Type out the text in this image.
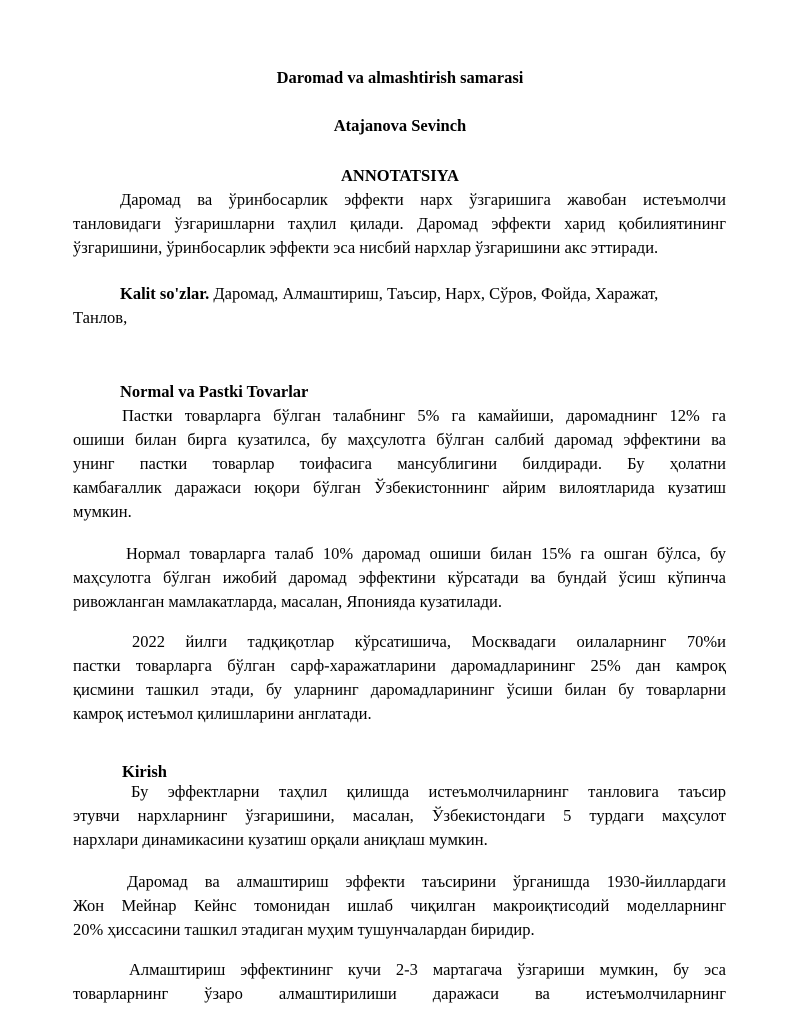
Daromad va almashtirish samarasi
Atajanova Sevinch
ANNOTATSIYA
Даромад ва ўринбосарлик эффекти нарх ўзгаришига жавобан истеъмолчи
танловидаги ўзгаришларни таҳлил қилади. Даромад эффекти харид қобилиятининг
ўзгаришини, ўринбосарлик эффекти эса нисбий нархлар ўзгаришини акс эттиради.
Kalit so'zlar. Даромад, Алмаштириш, Таъсир, Нарх, Сўров, Фойда, Харажат,
Танлов,
Normal va Pastki Tovarlar
Пастки товарларга бўлган талабнинг 5% га камайиши, даромаднинг 12% га
ошиши билан бирга кузатилса, бу маҳсулотга бўлган салбий даромад эффектини ва
унинг пастки товарлар тоифасига мансублигини билдиради. Бу ҳолатни
камбағаллик даражаси юқори бўлган Ўзбекистоннинг айрим вилоятларида кузатиш
мумкин.
Нормал товарларга талаб 10% даромад ошиши билан 15% га ошган бўлса, бу
маҳсулотга бўлган ижобий даромад эффектини кўрсатади ва бундай ўсиш кўпинча
ривожланган мамлакатларда, масалан, Японияда кузатилади.
2022 йилги тадқиқотлар кўрсатишича, Москвадаги оилаларнинг 70%и
пастки товарларга бўлган сарф-харажатларини даромадларининг 25% дан камроқ
қисмини ташкил этади, бу уларнинг даромадларининг ўсиши билан бу товарларни
камроқ истеъмол қилишларини англатади.
Kirish
Бу эффектларни таҳлил қилишда истеъмолчиларнинг танловига таъсир
этувчи нархларнинг ўзгаришини, масалан, Ўзбекистондаги 5 турдаги маҳсулот
нархлари динамикасини кузатиш орқали аниқлаш мумкин.
Даромад ва алмаштириш эффекти таъсирини ўрганишда 1930-йиллардаги
Жон Мейнар Кейнс томонидан ишлаб чиқилган макроиқтисодий моделларнинг
20% ҳиссасини ташкил этадиган муҳим тушунчалардан биридир.
Алмаштириш эффектининг кучи 2-3 мартагача ўзгариши мумкин, бу эса
товарларнинг ўзаро алмаштирилиши даражаси ва истеъмолчиларнинг
